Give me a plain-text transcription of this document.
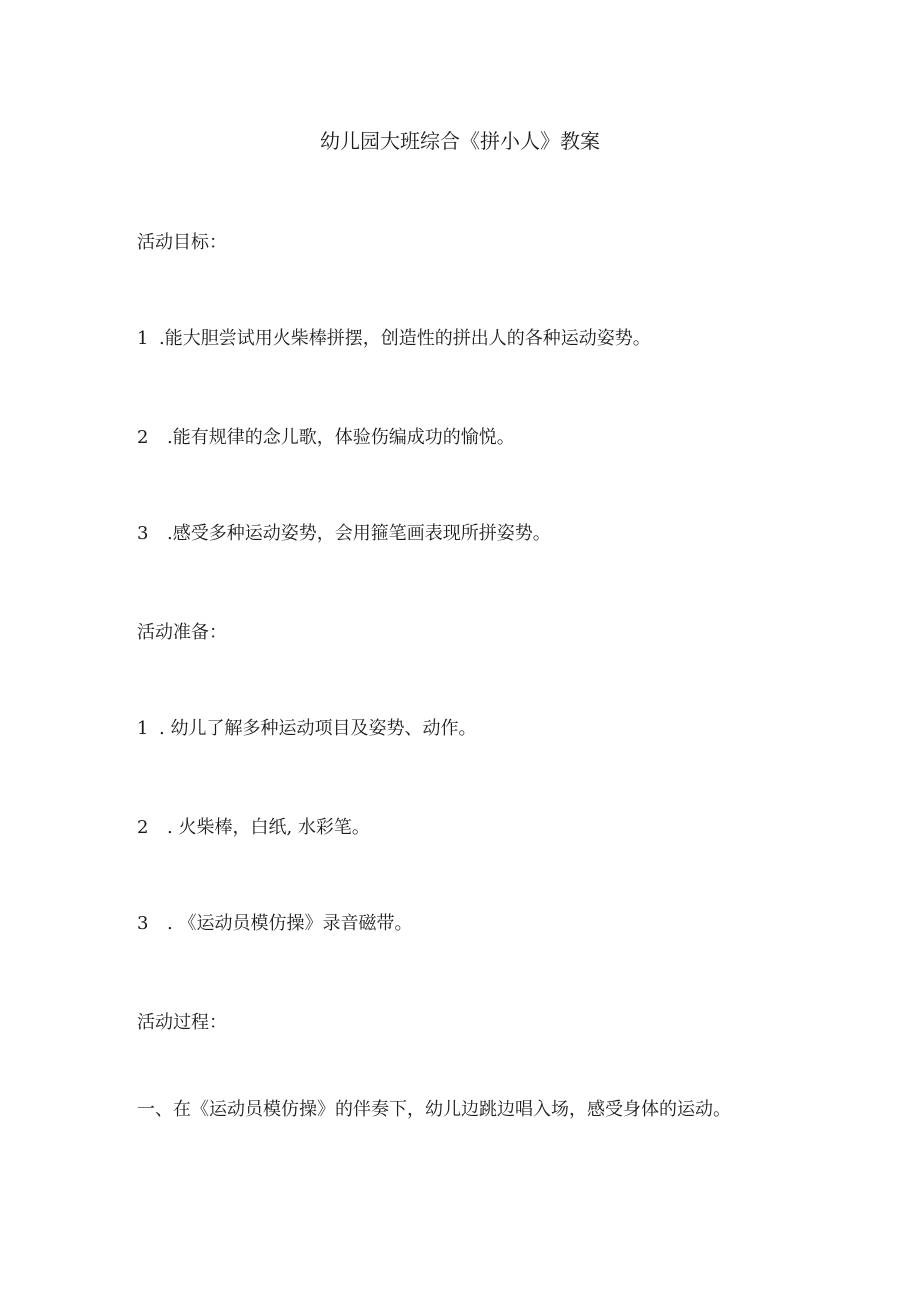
幼儿园大班综合《拼小人》教案
活动目标：
1 .能大胆尝试用火柴棒拼摆，创造性的拼出人的各种运动姿势。
2 .能有规律的念儿歌，体验伤编成功的愉悦。
3 .感受多种运动姿势，会用箍笔画表现所拼姿势。
活动准备：
1 . 幼儿了解多种运动项目及姿势、动作。
2 . 火柴棒，白纸, 水彩笔。
3 . 《运动员模仿操》录音磁带。
活动过程：
一、在《运动员模仿操》的伴奏下，幼儿边跳边唱入场，感受身体的运动。
